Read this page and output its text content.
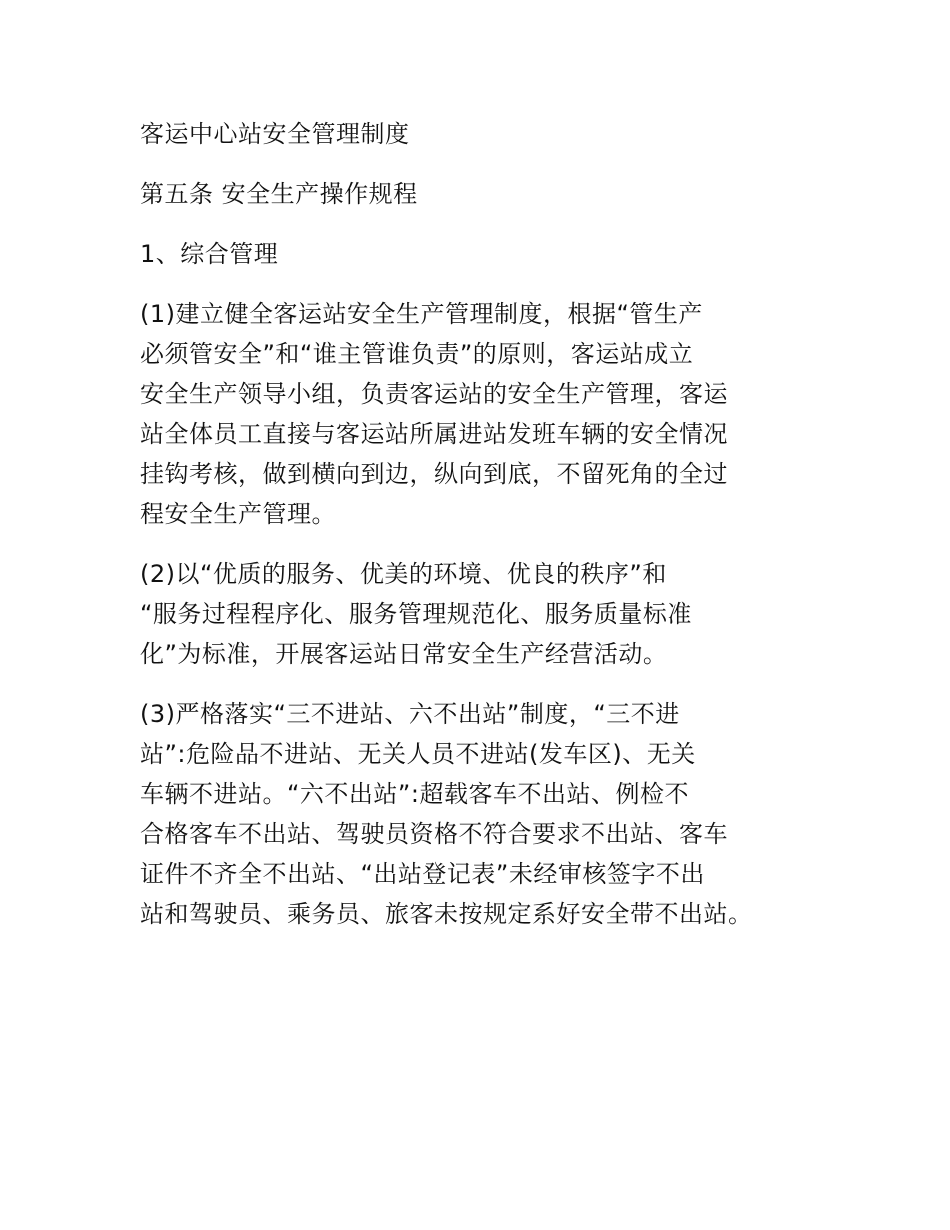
客运中心站安全管理制度
第五条 安全生产操作规程
1、综合管理
(1)建立健全客运站安全生产管理制度，根据“管生产
必须管安全”和“谁主管谁负责”的原则，客运站成立
安全生产领导小组，负责客运站的安全生产管理，客运
站全体员工直接与客运站所属进站发班车辆的安全情况
挂钩考核，做到横向到边，纵向到底，不留死角的全过
程安全生产管理。
(2)以“优质的服务、优美的环境、优良的秩序”和
“服务过程程序化、服务管理规范化、服务质量标准
化”为标准，开展客运站日常安全生产经营活动。
(3)严格落实“三不进站、六不出站”制度，“三不进
站”:危险品不进站、无关人员不进站(发车区)、无关
车辆不进站。“六不出站”:超载客车不出站、例检不
合格客车不出站、驾驶员资格不符合要求不出站、客车
证件不齐全不出站、“出站登记表”未经审核签字不出
站和驾驶员、乘务员、旅客未按规定系好安全带不出站。
